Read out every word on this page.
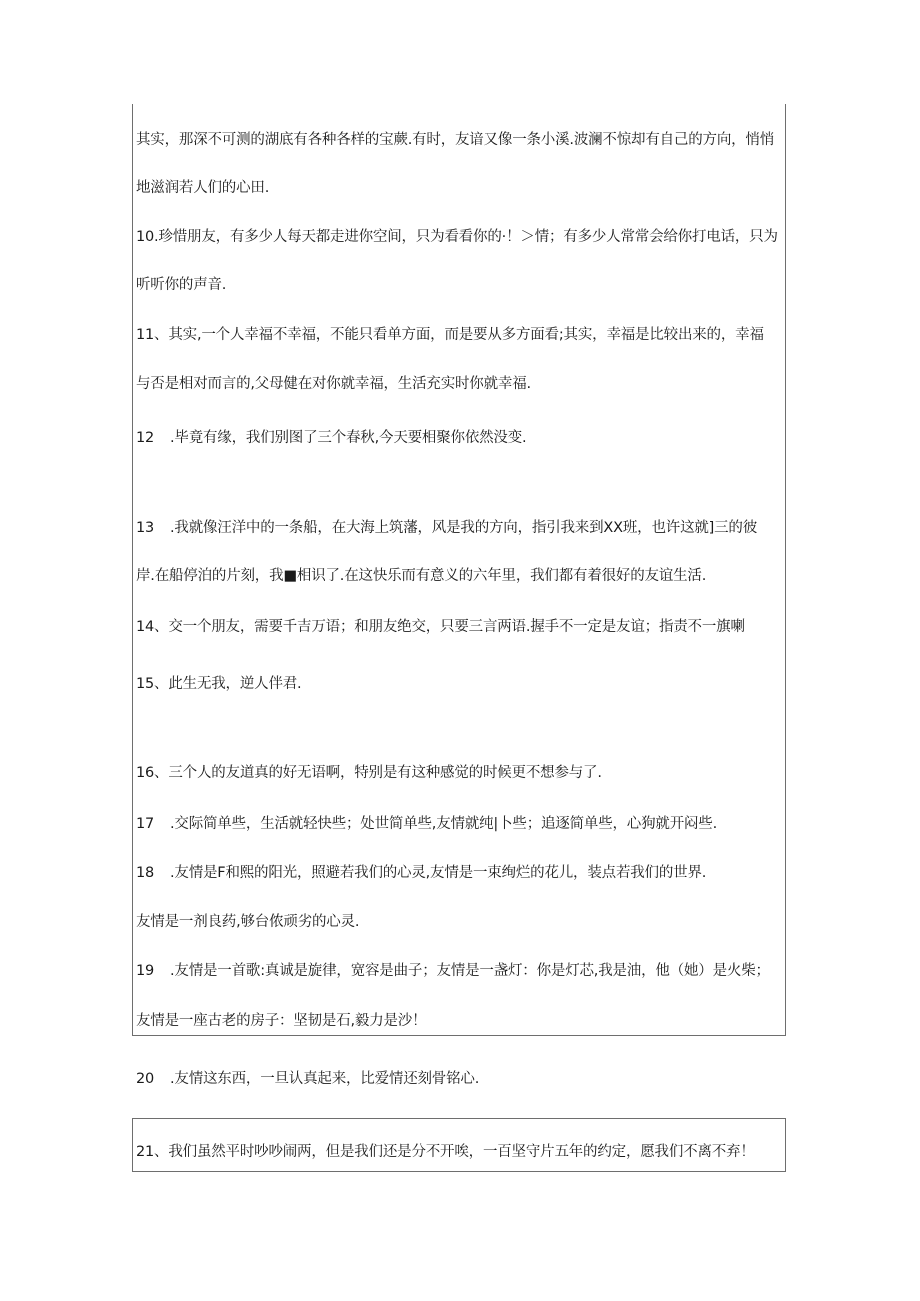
其实，那深不可测的湖底有各种各样的宝蕨.有时，友谙又像一条小溪.波澜不惊却有自己的方向，悄悄
地滋润若人们的心田.
10.珍惜朋友，有多少人每天都走进你空间，只为看看你的·！＞情；有多少人常常会给你打电话，只为
听听你的声音.
11、其实,一个人幸福不幸福，不能只看单方面，而是要从多方面看;其实，幸福是比较出来的，幸福
与否是相对而言的,父母健在对你就幸福，生活充实时你就幸福.
12 .毕竟有缘，我们别图了三个春秋,今天要相聚你依然没变.
13 .我就像汪洋中的一条船，在大海上筑藩，风是我的方向，指引我来到XX班，也许这就]三的彼
岸.在船停泊的片刻，我■相识了.在这快乐而有意义的六年里，我们都有着很好的友谊生活.
14、交一个朋友，需要千吉万语；和朋友绝交，只要三言两语.握手不一定是友谊；指责不一旗喇
15、此生无我，逆人伴君.
16、三个人的友道真的好无语啊，特别是有这种感觉的时候更不想参与了.
17 .交际简单些，生活就轻快些；处世简单些,友情就纯|卜些；追逐简单些，心狗就开闷些.
18 .友情是F和熙的阳光，照避若我们的心灵,友情是一束绚烂的花儿，装点若我们的世界.
友情是一剂良药,够台侬顽劣的心灵.
19 .友情是一首歌:真诚是旋律，宽容是曲子；友情是一盏灯：你是灯芯,我是油，他（她）是火柴；
友情是一座古老的房子：坚韧是石,毅力是沙！
20 .友情这东西，一旦认真起来，比爱情还刻骨铭心.
21、我们虽然平时吵吵闹两，但是我们还是分不开唉，一百坚守片五年的约定，愿我们不离不弃！
